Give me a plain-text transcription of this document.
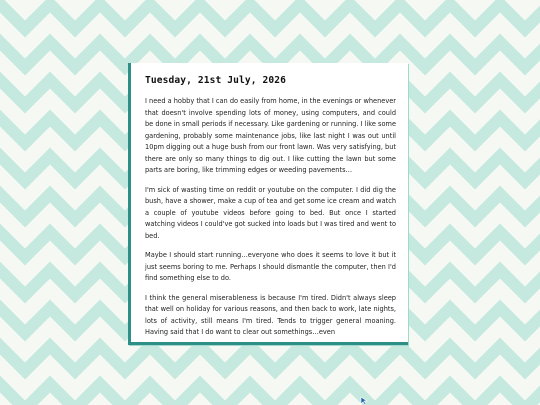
Tuesday, 21st July, 2026

I need a hobby that I can do easily from home, in the evenings or whenever that doesn't involve spending lots of money, using computers, and could be done in small periods if necessary. Like gardening or running. I like some gardening, probably some maintenance jobs, like last night I was out until 10pm digging out a huge bush from our front lawn. Was very satisfying, but there are only so many things to dig out. I like cutting the lawn but some parts are boring, like trimming edges or weeding pavements…

I'm sick of wasting time on reddit or youtube on the computer. I did dig the bush, have a shower, make a cup of tea and get some ice cream and watch a couple of youtube videos before going to bed. But once I started watching videos I could've got sucked into loads but I was tired and went to bed.

Maybe I should start running…everyone who does it seems to love it but it just seems boring to me. Perhaps I should dismantle the computer, then I'd find something else to do.

I think the general miserableness is because I'm tired. Didn't always sleep that well on holiday for various reasons, and then back to work, late nights, lots of activity, still means I'm tired. Tends to trigger general moaning. Having said that I do want to clear out somethings…even
